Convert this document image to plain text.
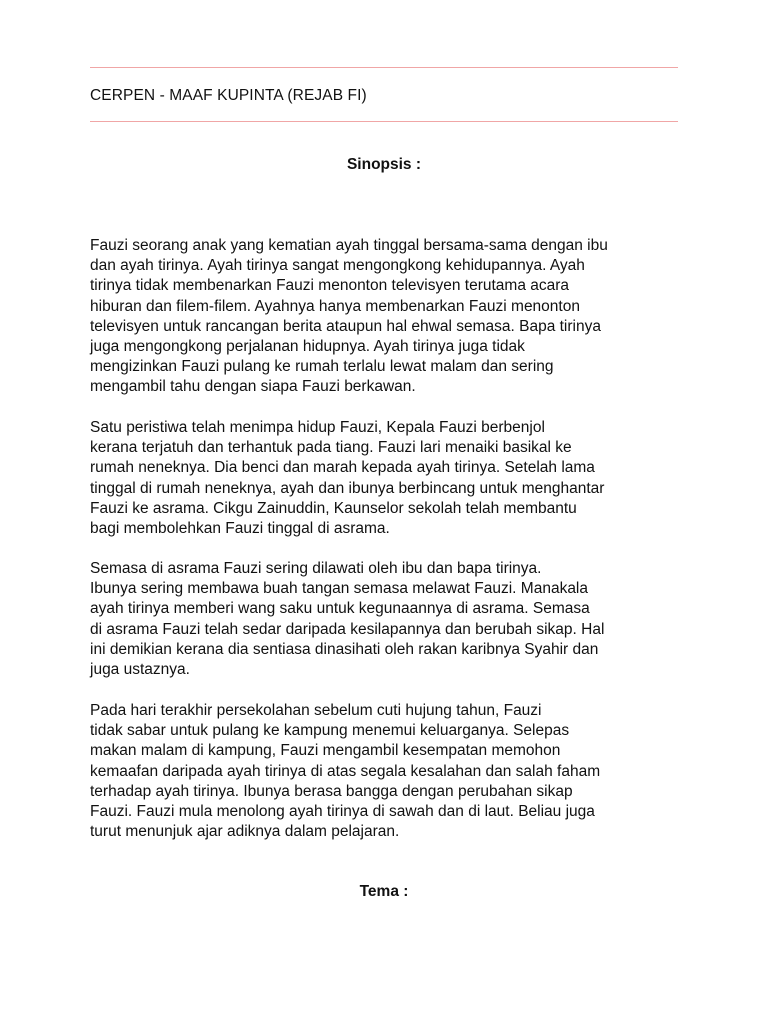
CERPEN - MAAF KUPINTA (REJAB FI)
Sinopsis :

Fauzi seorang anak yang kematian ayah tinggal bersama-sama dengan ibu
dan ayah tirinya. Ayah tirinya sangat mengongkong kehidupannya. Ayah
tirinya tidak membenarkan Fauzi menonton televisyen terutama acara
hiburan dan filem-filem. Ayahnya hanya membenarkan Fauzi menonton
televisyen untuk rancangan berita ataupun hal ehwal semasa. Bapa tirinya
juga mengongkong perjalanan hidupnya. Ayah tirinya juga tidak
mengizinkan Fauzi pulang ke rumah terlalu lewat malam dan sering
mengambil tahu dengan siapa Fauzi berkawan.

Satu peristiwa telah menimpa hidup Fauzi, Kepala Fauzi berbenjol
kerana terjatuh dan terhantuk pada tiang. Fauzi lari menaiki basikal ke
rumah neneknya. Dia benci dan marah kepada ayah tirinya. Setelah lama
tinggal di rumah neneknya, ayah dan ibunya berbincang untuk menghantar
Fauzi ke asrama. Cikgu Zainuddin, Kaunselor sekolah telah membantu
bagi membolehkan Fauzi tinggal di asrama.

Semasa di asrama Fauzi sering dilawati oleh ibu dan bapa tirinya.
Ibunya sering membawa buah tangan semasa melawat Fauzi. Manakala
ayah tirinya memberi wang saku untuk kegunaannya di asrama. Semasa
di asrama Fauzi telah sedar daripada kesilapannya dan berubah sikap. Hal
ini demikian kerana dia sentiasa dinasihati oleh rakan karibnya Syahir dan
juga ustaznya.

Pada hari terakhir persekolahan sebelum cuti hujung tahun, Fauzi
tidak sabar untuk pulang ke kampung menemui keluarganya. Selepas
makan malam di kampung, Fauzi mengambil kesempatan memohon
kemaafan daripada ayah tirinya di atas segala kesalahan dan salah faham
terhadap ayah tirinya. Ibunya berasa bangga dengan perubahan sikap
Fauzi. Fauzi mula menolong ayah tirinya di sawah dan di laut. Beliau juga
turut menunjuk ajar adiknya dalam pelajaran.

Tema :
